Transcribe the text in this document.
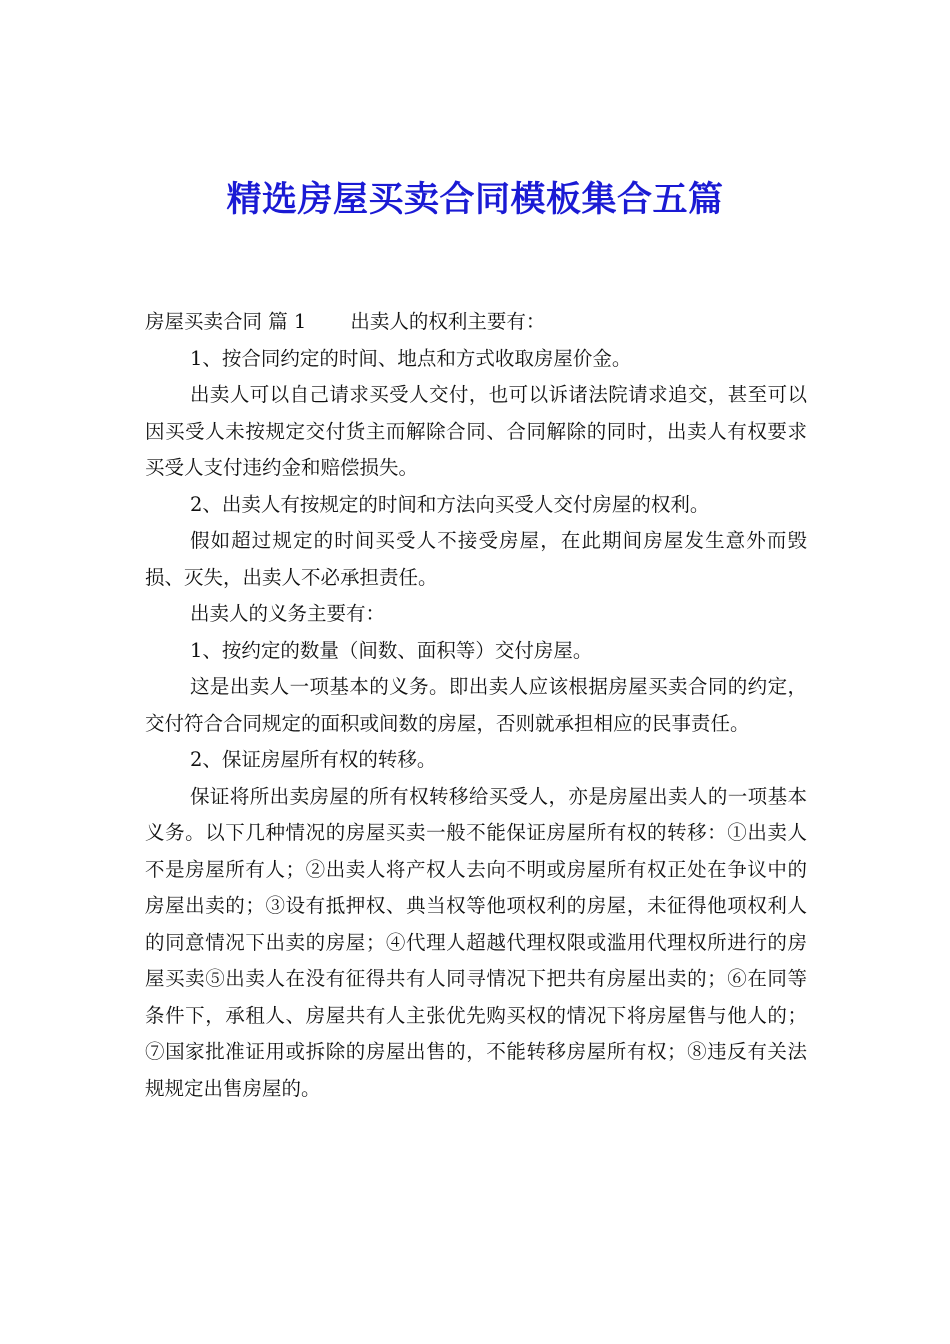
精选房屋买卖合同模板集合五篇

房屋买卖合同 篇 1 出卖人的权利主要有：

1、按合同约定的时间、地点和方式收取房屋价金。

出卖人可以自己请求买受人交付，也可以诉诸法院请求追交，甚至可以因买受人未按规定交付货主而解除合同、合同解除的同时，出卖人有权要求买受人支付违约金和赔偿损失。

2、出卖人有按规定的时间和方法向买受人交付房屋的权利。

假如超过规定的时间买受人不接受房屋，在此期间房屋发生意外而毁损、灭失，出卖人不必承担责任。

出卖人的义务主要有：

1、按约定的数量（间数、面积等）交付房屋。

这是出卖人一项基本的义务。即出卖人应该根据房屋买卖合同的约定，交付符合合同规定的面积或间数的房屋，否则就承担相应的民事责任。

2、保证房屋所有权的转移。

保证将所出卖房屋的所有权转移给买受人，亦是房屋出卖人的一项基本义务。以下几种情况的房屋买卖一般不能保证房屋所有权的转移：①出卖人不是房屋所有人；②出卖人将产权人去向不明或房屋所有权正处在争议中的房屋出卖的；③设有抵押权、典当权等他项权利的房屋，未征得他项权利人的同意情况下出卖的房屋；④代理人超越代理权限或滥用代理权所进行的房屋买卖⑤出卖人在没有征得共有人同寻情况下把共有房屋出卖的；⑥在同等条件下，承租人、房屋共有人主张优先购买权的情况下将房屋售与他人的；⑦国家批准证用或拆除的房屋出售的，不能转移房屋所有权；⑧违反有关法规规定出售房屋的。
